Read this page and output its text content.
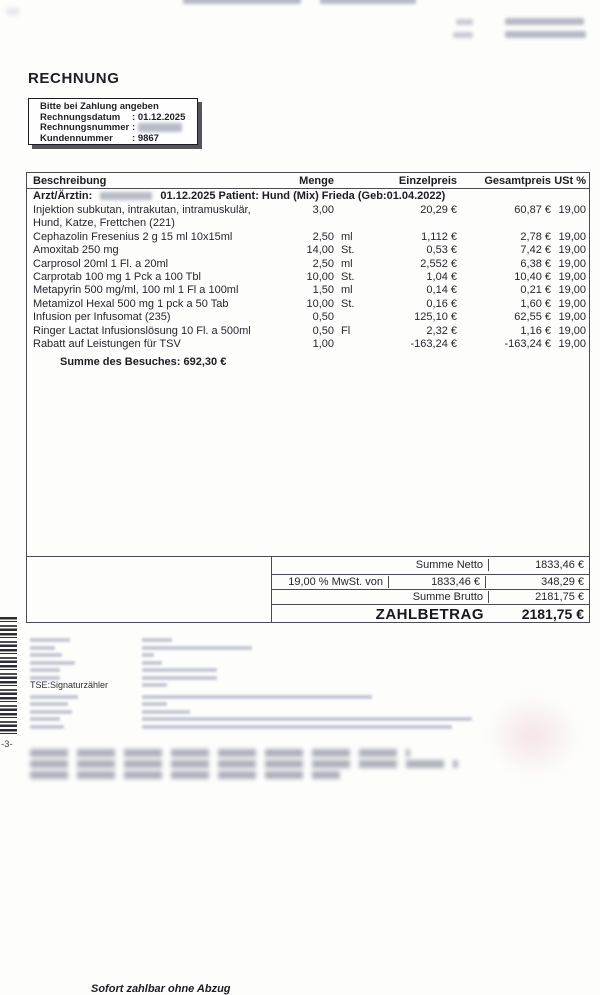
RECHNUNG
Bitte bei Zahlung angeben
Rechnungsdatum : 01.12.2025
Rechnungsnummer :
Kundennummer : 9867
Beschreibung	Menge	Einzelpreis	Gesamtpreis USt %
Arzt/Ärztin:	01.12.2025 Patient: Hund (Mix) Frieda (Geb:01.04.2022)
Injektion subkutan, intrakutan, intramuskulär,
Hund, Katze, Frettchen (221)
3,00	20,29 €	60,87 € 19,00
Cephazolin Fresenius 2 g 15 ml 10x15ml	2,50 ml	1,112 €	2,78 € 19,00
Amoxitab 250 mg	14,00 St.	0,53 €	7,42 € 19,00
Carprosol 20ml 1 Fl. a 20ml	2,50 ml	2,552 €	6,38 € 19,00
Carprotab 100 mg 1 Pck a 100 Tbl	10,00 St.	1,04 €	10,40 € 19,00
Metapyrin 500 mg/ml, 100 ml 1 Fl a 100ml	1,50 ml	0,14 €	0,21 € 19,00
Metamizol Hexal 500 mg 1 pck a 50 Tab	10,00 St.	0,16 €	1,60 € 19,00
Infusion per Infusomat (235)	0,50	125,10 €	62,55 € 19,00
Ringer Lactat Infusionslösung 10 Fl. a 500ml	0,50 Fl	2,32 €	1,16 € 19,00
Rabatt auf Leistungen für TSV	1,00	-163,24 €	-163,24 € 19,00
Summe des Besuches: 692,30 €
Summe Netto	1833,46 €
19,00 % MwSt. von	1833,46 €	348,29 €
Summe Brutto	2181,75 €
ZAHLBETRAG	2181,75 €
Sofort zahlbar ohne Abzug
-3-
TSE:Signaturzähler
